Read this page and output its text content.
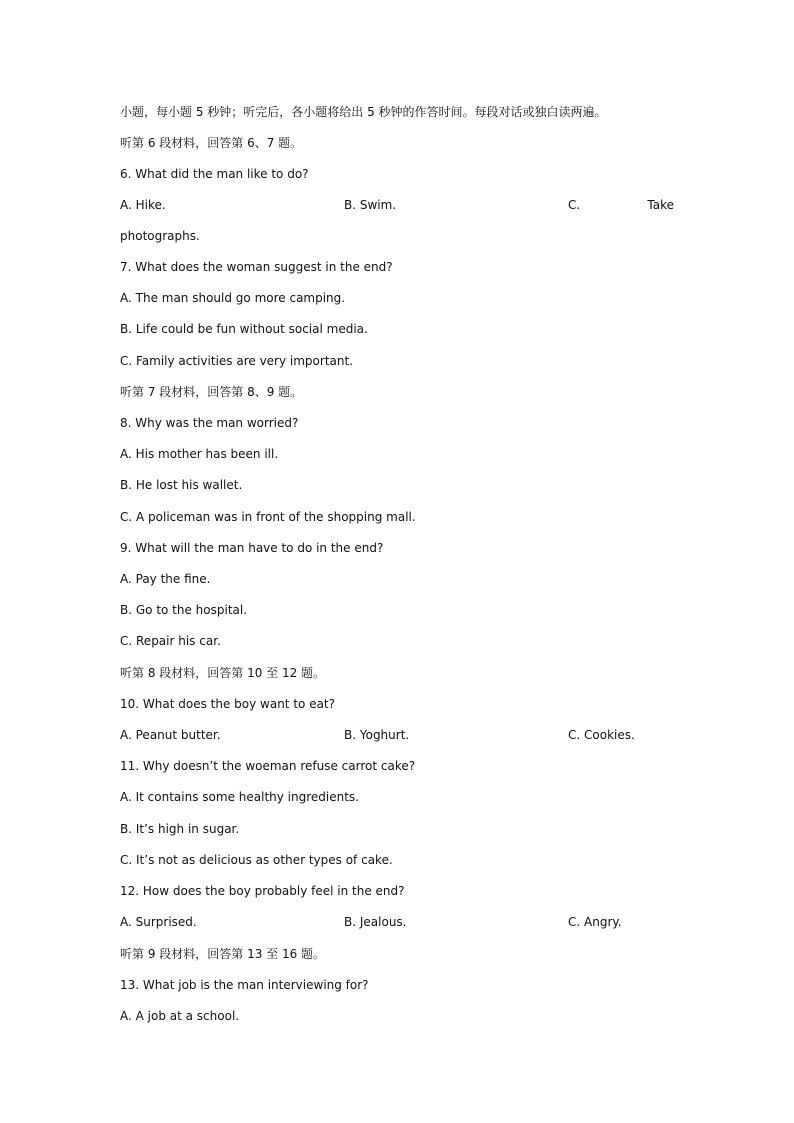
小题，每小题 5 秒钟；听完后，各小题将给出 5 秒钟的作答时间。每段对话或独白读两遍。
听第 6 段材料，回答第 6、7 题。
6. What did the man like to do?
A. Hike.	B. Swim.	C.	Take
photographs.
7. What does the woman suggest in the end?
A. The man should go more camping.
B. Life could be fun without social media.
C. Family activities are very important.
听第 7 段材料，回答第 8、9 题。
8. Why was the man worried?
A. His mother has been ill.
B. He lost his wallet.
C. A policeman was in front of the shopping mall.
9. What will the man have to do in the end?
A. Pay the fine.
B. Go to the hospital.
C. Repair his car.
听第 8 段材料，回答第 10 至 12 题。
10. What does the boy want to eat?
A. Peanut butter.	B. Yoghurt.	C. Cookies.
11. Why doesn’t the woeman refuse carrot cake?
A. It contains some healthy ingredients.
B. It’s high in sugar.
C. It’s not as delicious as other types of cake.
12. How does the boy probably feel in the end?
A. Surprised.	B. Jealous.	C. Angry.
听第 9 段材料，回答第 13 至 16 题。
13. What job is the man interviewing for?
A. A job at a school.
